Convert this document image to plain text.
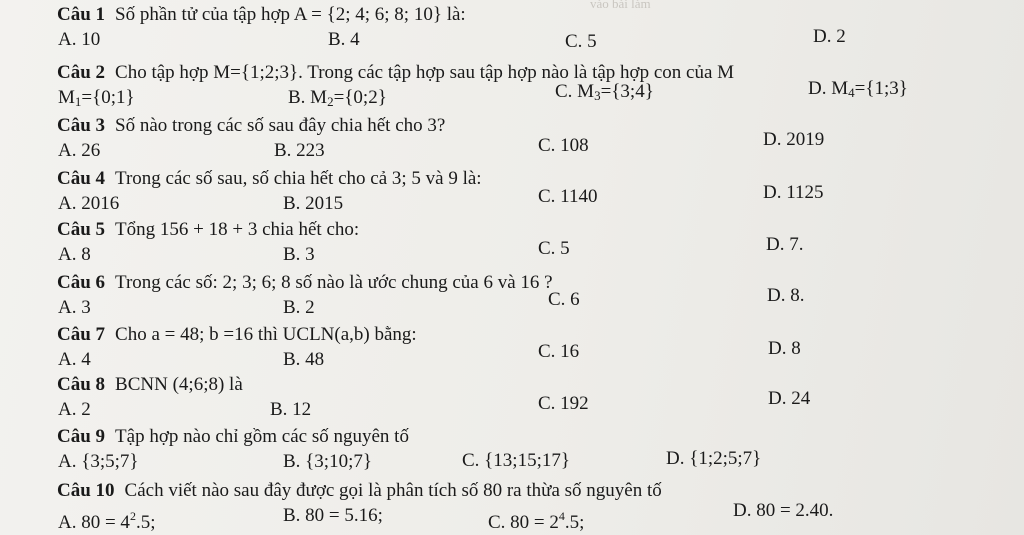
vào bài làm
Câu 1 Số phần tử của tập hợp A = {2; 4; 6; 8; 10} là:
A. 10	B. 4	C. 5	D. 2
Câu 2 Cho tập hợp M={1;2;3}. Trong các tập hợp sau tập hợp nào là tập hợp con của M
$M_1=\{0;1\}$	B. $M_2=\{0;2\}$	C. $M_3=\{3;4\}$	D. $M_4=\{1;3\}$
Câu 3 Số nào trong các số sau đây chia hết cho 3?
A. 26	B. 223	C. 108	D. 2019
Câu 4 Trong các số sau, số chia hết cho cả 3; 5 và 9 là:
A. 2016	B. 2015	C. 1140	D. 1125
Câu 5 Tổng 156 + 18 + 3 chia hết cho:
A. 8	B. 3	C. 5	D. 7.
Câu 6 Trong các số: 2; 3; 6; 8 số nào là ước chung của 6 và 16 ?
A. 3	B. 2	C. 6	D. 8.
Câu 7 Cho a = 48; b =16 thì UCLN(a,b) bằng:
A. 4	B. 48	C. 16	D. 8
Câu 8 BCNN (4;6;8) là
A. 2	B. 12	C. 192	D. 24
Câu 9 Tập hợp nào chỉ gồm các số nguyên tố
A. {3;5;7}	B. {3;10;7}	C. {13;15;17}	D. {1;2;5;7}
Câu 10 Cách viết nào sau đây được gọi là phân tích số 80 ra thừa số nguyên tố
A. $80 = 4^2.5$;	B. 80 = 5.16;	C. $80 = 2^4.5$;
D. 80 = 2.40.
